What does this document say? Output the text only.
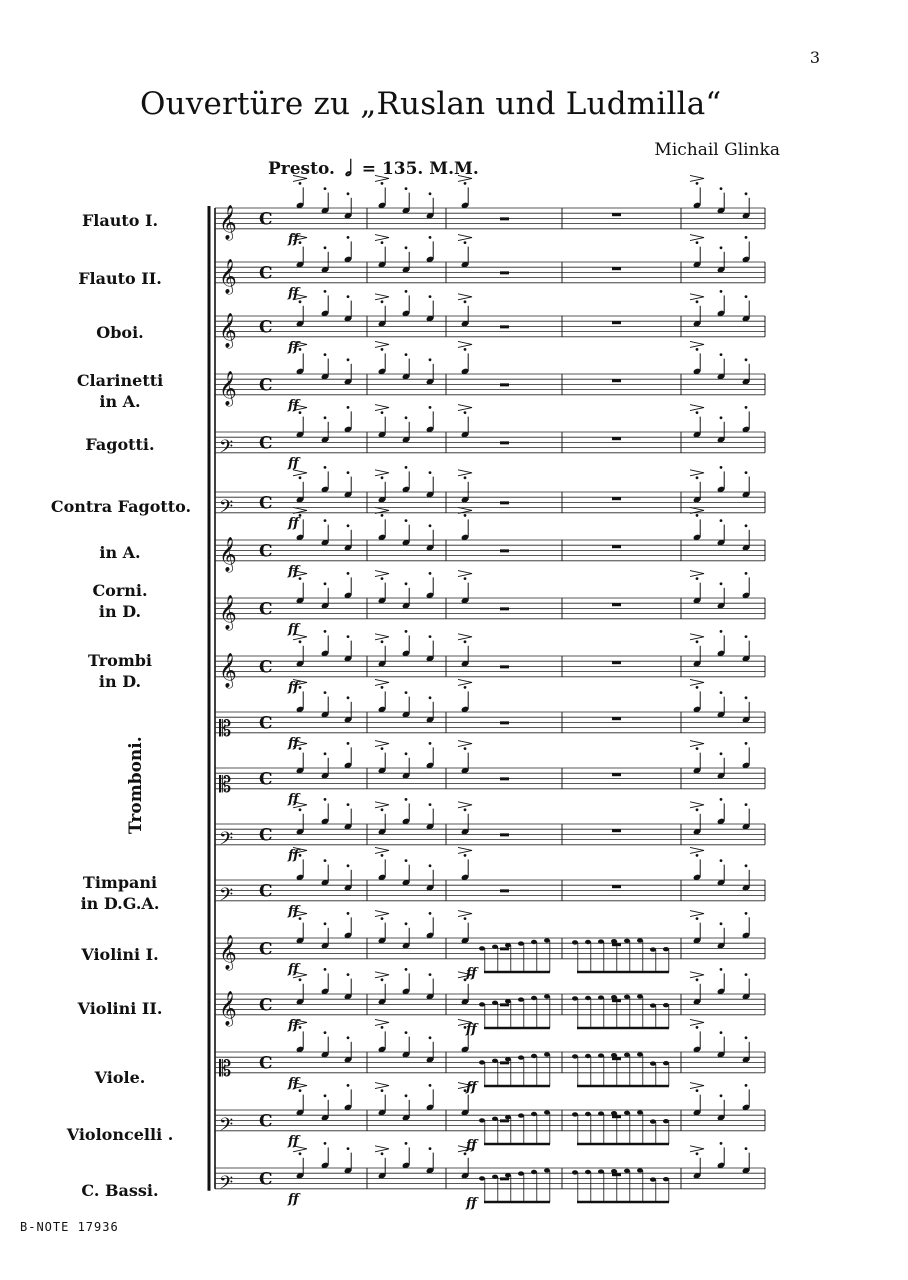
3
Ouvertüre zu „Ruslan und Ludmilla“
Michail Glinka
Presto. 𝅗𝅥 = 135. M.M.
Flauto I.
Flauto II.
Oboi.
Clarinetti
in A.
Fagotti.
Contra Fagotto.
in A.
Corni.
in D.
Trombi
in D.
Tromboni.
Timpani
in D.G.A.
Violini I.
Violini II.
Viole.
Violoncelli .
C. Bassi.
B-NOTE 17936
𝄞 C
ff
𝄞 C
ff
𝄞 C
ff
𝄞 C
ff
𝄢 C
ff
𝄢 C
ff
𝄞 C
ff
𝄞 C
ff
𝄞 C
ff
𝄡 C
ff
𝄡 C
ff
𝄢 C
ff
𝄢 C
ff
𝄞 C
ff
𝄞 C
ff
𝄡 C
ff
𝄢 C
ff
𝄢 C
ff
ff
ff
ff
ff
ff
